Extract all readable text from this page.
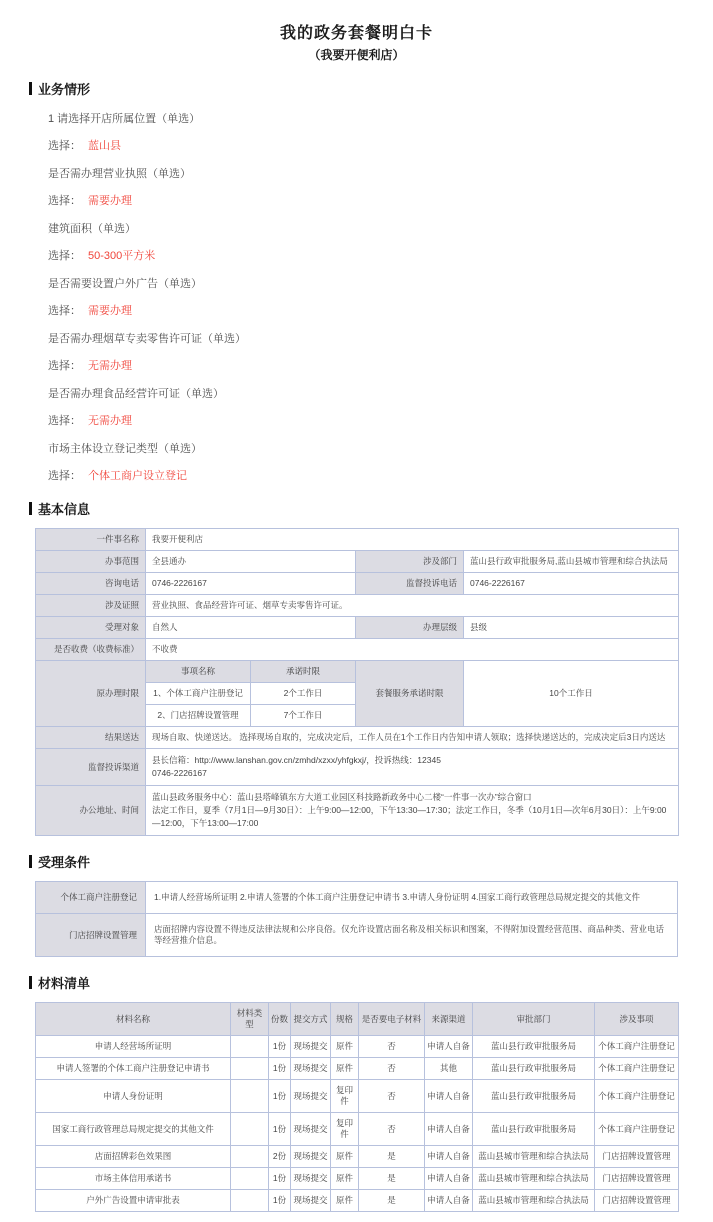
我的政务套餐明白卡
（我要开便利店）
业务情形
1 请选择开店所属位置（单选）
选择： 蓝山县
是否需办理营业执照（单选）
选择： 需要办理
建筑面积（单选）
选择： 50-300平方米
是否需要设置户外广告（单选）
选择： 需要办理
是否需办理烟草专卖零售许可证（单选）
选择： 无需办理
是否需办理食品经营许可证（单选）
选择： 无需办理
市场主体设立登记类型（单选）
选择： 个体工商户设立登记
基本信息
一件事名称	我要开便利店			
办事范围	全县通办		涉及部门	蓝山县行政审批服务局,蓝山县城市管理和综合执法局
咨询电话	0746-2226167		监督投诉电话	0746-2226167
涉及证照	营业执照、食品经营许可证、烟草专卖零售许可证。			
受理对象	自然人		办理层级	县级
是否收费（收费标准）	不收费			
原办理时限	事项名称	承诺时限	套餐服务承诺时限	10个工作日
	1、个体工商户注册登记	2个工作日		
	2、门店招牌设置管理	7个工作日		
结果送达	现场自取、快递送达。 选择现场自取的，完成决定后，工作人员在1个工作日内告知申请人领取；选择快递送达的，完成决定后3日内送达			
监督投诉渠道	县长信箱：http://www.lanshan.gov.cn/zmhd/xzxx/yhfgkxj/，投诉热线：12345
0746-2226167			

办公地址、时间	蓝山县政务服务中心：蓝山县塔峰镇东方大道工业园区科技路新政务中心二楼“一件事一次办”综合窗口
法定工作日，夏季（7月1日—9月30日）：上午9:00—12:00，下午13:30—17:30；法定工作日，冬季（10月1日—次年6月30日）：上午9:00—12:00，下午13:00—17:00			
受理条件
个体工商户注册登记	1.申请人经营场所证明 2.申请人签署的个体工商户注册登记申请书 3.申请人身份证明 4.国家工商行政管理总局规定提交的其他文件
门店招牌设置管理	店面招牌内容设置不得违反法律法规和公序良俗。仅允许设置店面名称及相关标识和图案，不得附加设置经营范围、商品种类、营业电话等经营推介信息。
材料清单
材料名称	材料类型	份数	提交方式	规格	是否要电子材料	来源渠道	审批部门	涉及事项
申请人经营场所证明		1份	现场提交	原件	否	申请人自备	蓝山县行政审批服务局	个体工商户注册登记
申请人签署的个体工商户注册登记申请书		1份	现场提交	原件	否	其他	蓝山县行政审批服务局	个体工商户注册登记
申请人身份证明		1份	现场提交	复印件	否	申请人自备	蓝山县行政审批服务局	个体工商户注册登记
国家工商行政管理总局规定提交的其他文件		1份	现场提交	复印件	否	申请人自备	蓝山县行政审批服务局	个体工商户注册登记
店面招牌彩色效果图		2份	现场提交	原件	是	申请人自备	蓝山县城市管理和综合执法局	门店招牌设置管理
市场主体信用承诺书		1份	现场提交	原件	是	申请人自备	蓝山县城市管理和综合执法局	门店招牌设置管理
户外广告设置申请审批表		1份	现场提交	原件	是	申请人自备	蓝山县城市管理和综合执法局	门店招牌设置管理
